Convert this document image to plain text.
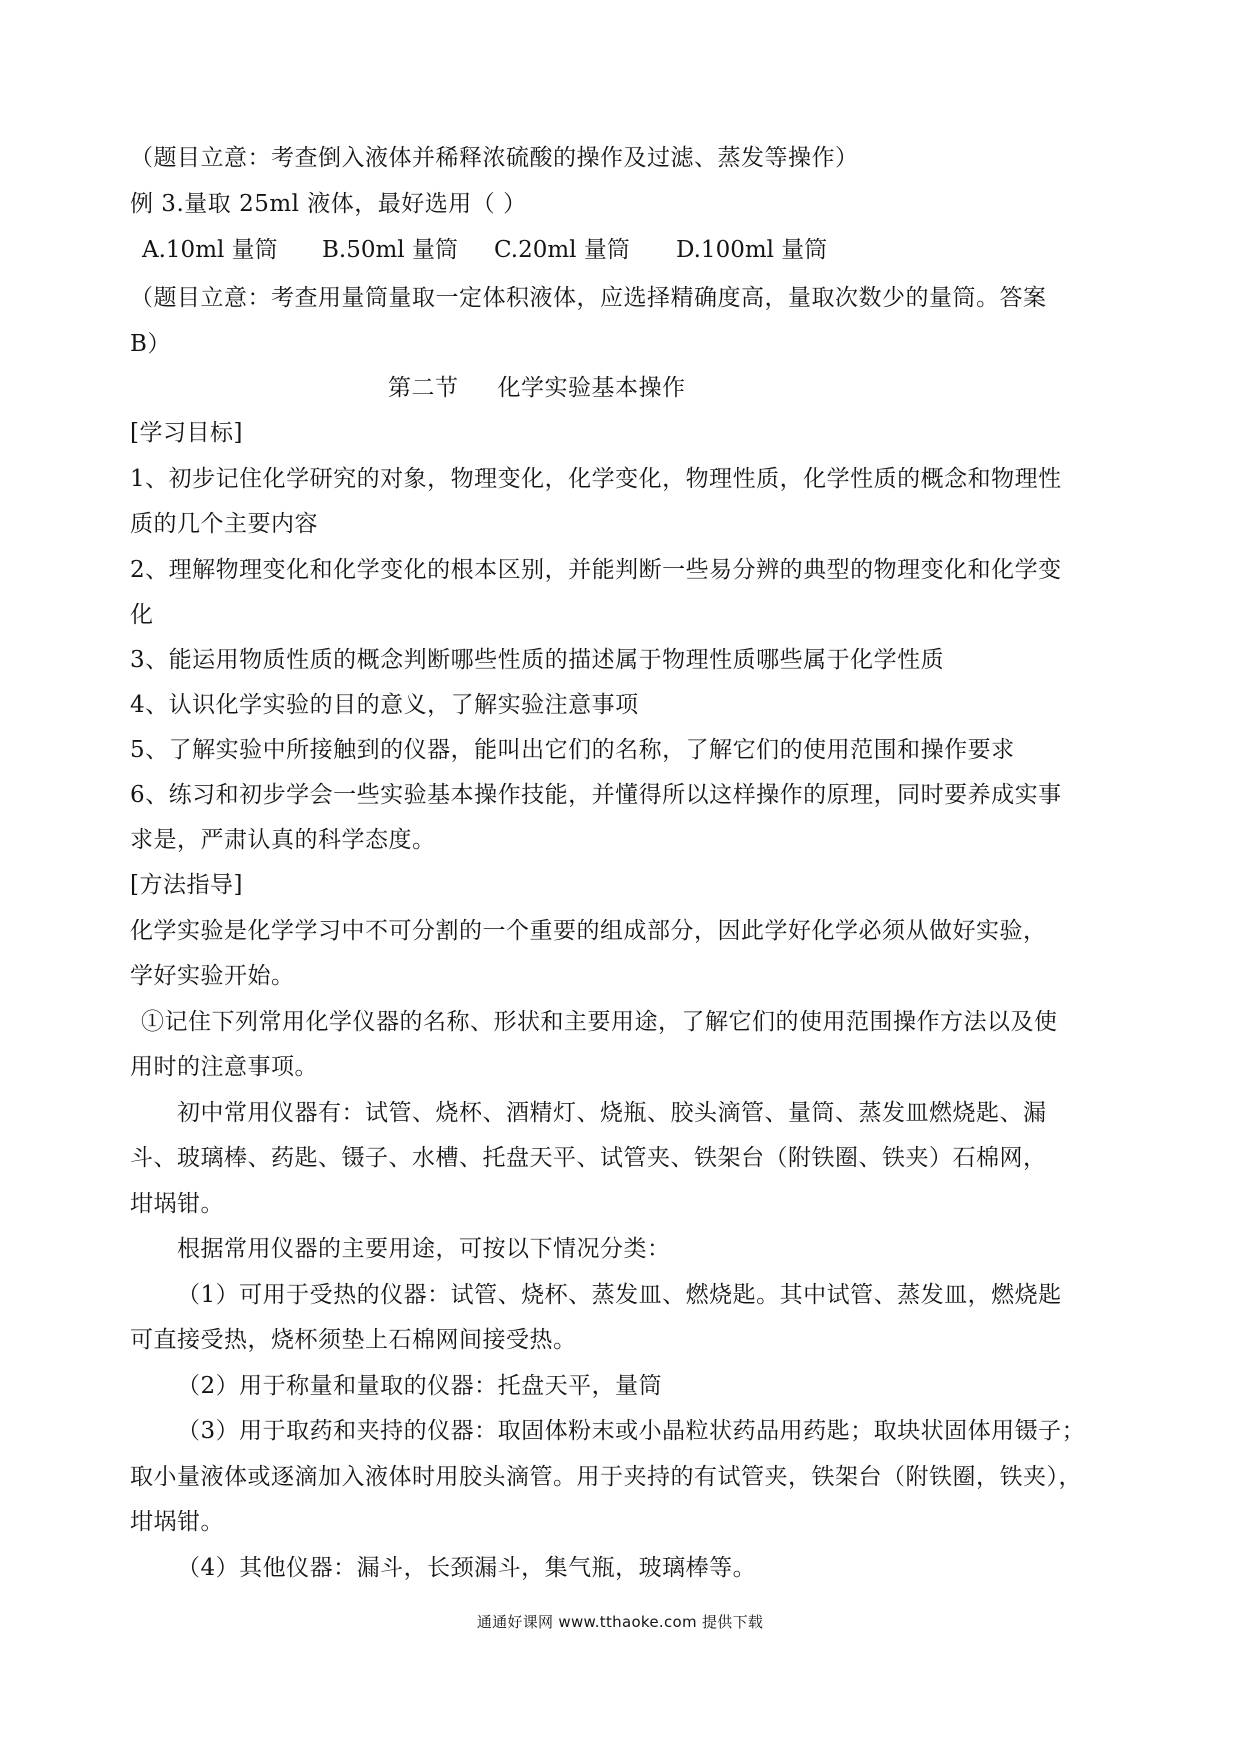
（题目立意：考查倒入液体并稀释浓硫酸的操作及过滤、蒸发等操作）
例 3.量取 25ml 液体，最好选用（ ）
A.10ml 量筒 B.50ml 量筒 C.20ml 量筒 D.100ml 量筒
（题目立意：考查用量筒量取一定体积液体，应选择精确度高，量取次数少的量筒。答案
B）
第二节     化学实验基本操作
[学习目标]
1、初步记住化学研究的对象，物理变化，化学变化，物理性质，化学性质的概念和物理性
质的几个主要内容
2、理解物理变化和化学变化的根本区别，并能判断一些易分辨的典型的物理变化和化学变
化
3、能运用物质性质的概念判断哪些性质的描述属于物理性质哪些属于化学性质
4、认识化学实验的目的意义，了解实验注意事项
5、了解实验中所接触到的仪器，能叫出它们的名称，了解它们的使用范围和操作要求
6、练习和初步学会一些实验基本操作技能，并懂得所以这样操作的原理，同时要养成实事
求是，严肃认真的科学态度。
[方法指导]
化学实验是化学学习中不可分割的一个重要的组成部分，因此学好化学必须从做好实验，
学好实验开始。
①记住下列常用化学仪器的名称、形状和主要用途，了解它们的使用范围操作方法以及使
用时的注意事项。
初中常用仪器有：试管、烧杯、酒精灯、烧瓶、胶头滴管、量筒、蒸发皿燃烧匙、漏
斗、玻璃棒、药匙、镊子、水槽、托盘天平、试管夹、铁架台（附铁圈、铁夹）石棉网，
坩埚钳。
根据常用仪器的主要用途，可按以下情况分类：
（1）可用于受热的仪器：试管、烧杯、蒸发皿、燃烧匙。其中试管、蒸发皿，燃烧匙
可直接受热，烧杯须垫上石棉网间接受热。
（2）用于称量和量取的仪器：托盘天平，量筒
（3）用于取药和夹持的仪器：取固体粉末或小晶粒状药品用药匙；取块状固体用镊子；
取小量液体或逐滴加入液体时用胶头滴管。用于夹持的有试管夹，铁架台（附铁圈，铁夹），
坩埚钳。
（4）其他仪器：漏斗，长颈漏斗，集气瓶，玻璃棒等。
通通好课网 www.tthaoke.com 提供下载
